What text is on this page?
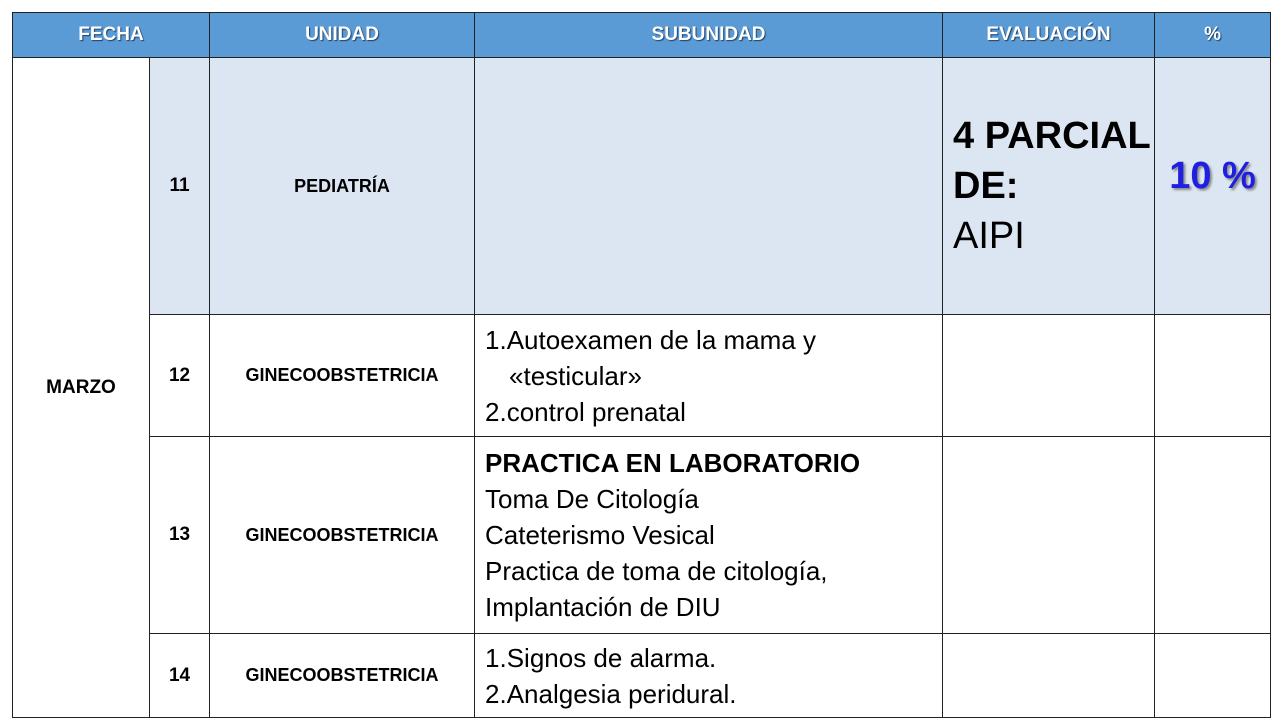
FECHA		UNIDAD	SUBUNIDAD	EVALUACIÓN	%
MARZO	11	PEDIATRÍA		4 PARCIAL
DE:
AIPI	10 %
	12	GINECOOBSTETRICIA	1.Autoexamen de la mama y
«testicular»
2.control prenatal		

	13	GINECOOBSTETRICIA	PRACTICA EN LABORATORIO
Toma De Citología
Cateterismo Vesical
Practica de toma de citología,
Implantación de DIU		

	14	GINECOOBSTETRICIA	1.Signos de alarma.
2.Analgesia peridural.		
